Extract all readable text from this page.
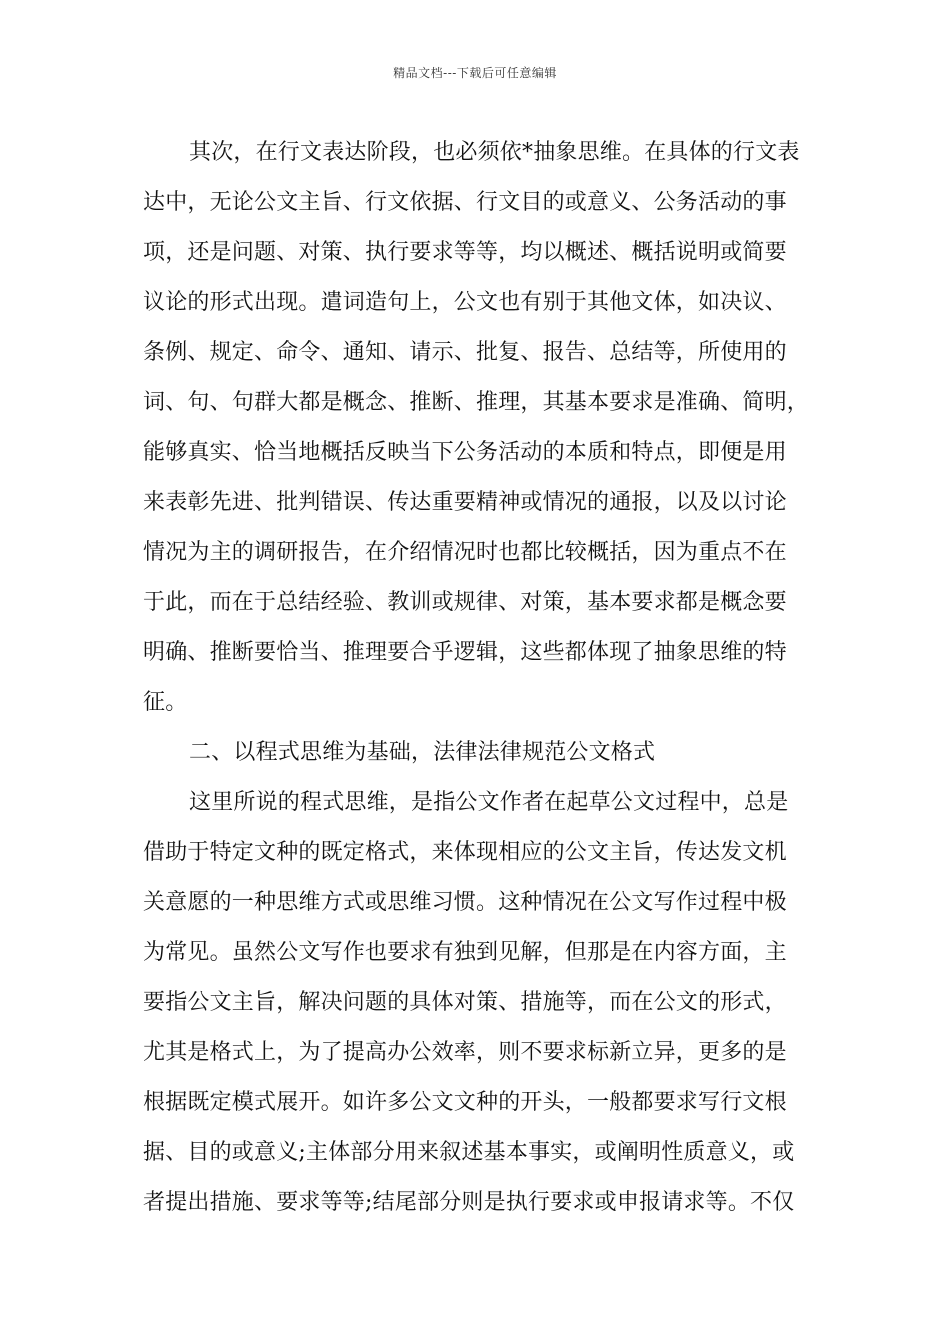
精品文档---下载后可任意编辑
其次，在行文表达阶段，也必须依*抽象思维。在具体的行文表
达中，无论公文主旨、行文依据、行文目的或意义、公务活动的事
项，还是问题、对策、执行要求等等，均以概述、概括说明或简要
议论的形式出现。遣词造句上，公文也有别于其他文体，如决议、
条例、规定、命令、通知、请示、批复、报告、总结等，所使用的
词、句、句群大都是概念、推断、推理，其基本要求是准确、简明，
能够真实、恰当地概括反映当下公务活动的本质和特点，即便是用
来表彰先进、批判错误、传达重要精神或情况的通报，以及以讨论
情况为主的调研报告，在介绍情况时也都比较概括，因为重点不在
于此，而在于总结经验、教训或规律、对策，基本要求都是概念要
明确、推断要恰当、推理要合乎逻辑，这些都体现了抽象思维的特
征。
二、以程式思维为基础，法律法律规范公文格式
这里所说的程式思维，是指公文作者在起草公文过程中，总是
借助于特定文种的既定格式，来体现相应的公文主旨，传达发文机
关意愿的一种思维方式或思维习惯。这种情况在公文写作过程中极
为常见。虽然公文写作也要求有独到见解，但那是在内容方面，主
要指公文主旨，解决问题的具体对策、措施等，而在公文的形式，
尤其是格式上，为了提高办公效率，则不要求标新立异，更多的是
根据既定模式展开。如许多公文文种的开头，一般都要求写行文根
据、目的或意义;主体部分用来叙述基本事实，或阐明性质意义，或
者提出措施、要求等等;结尾部分则是执行要求或申报请求等。不仅
